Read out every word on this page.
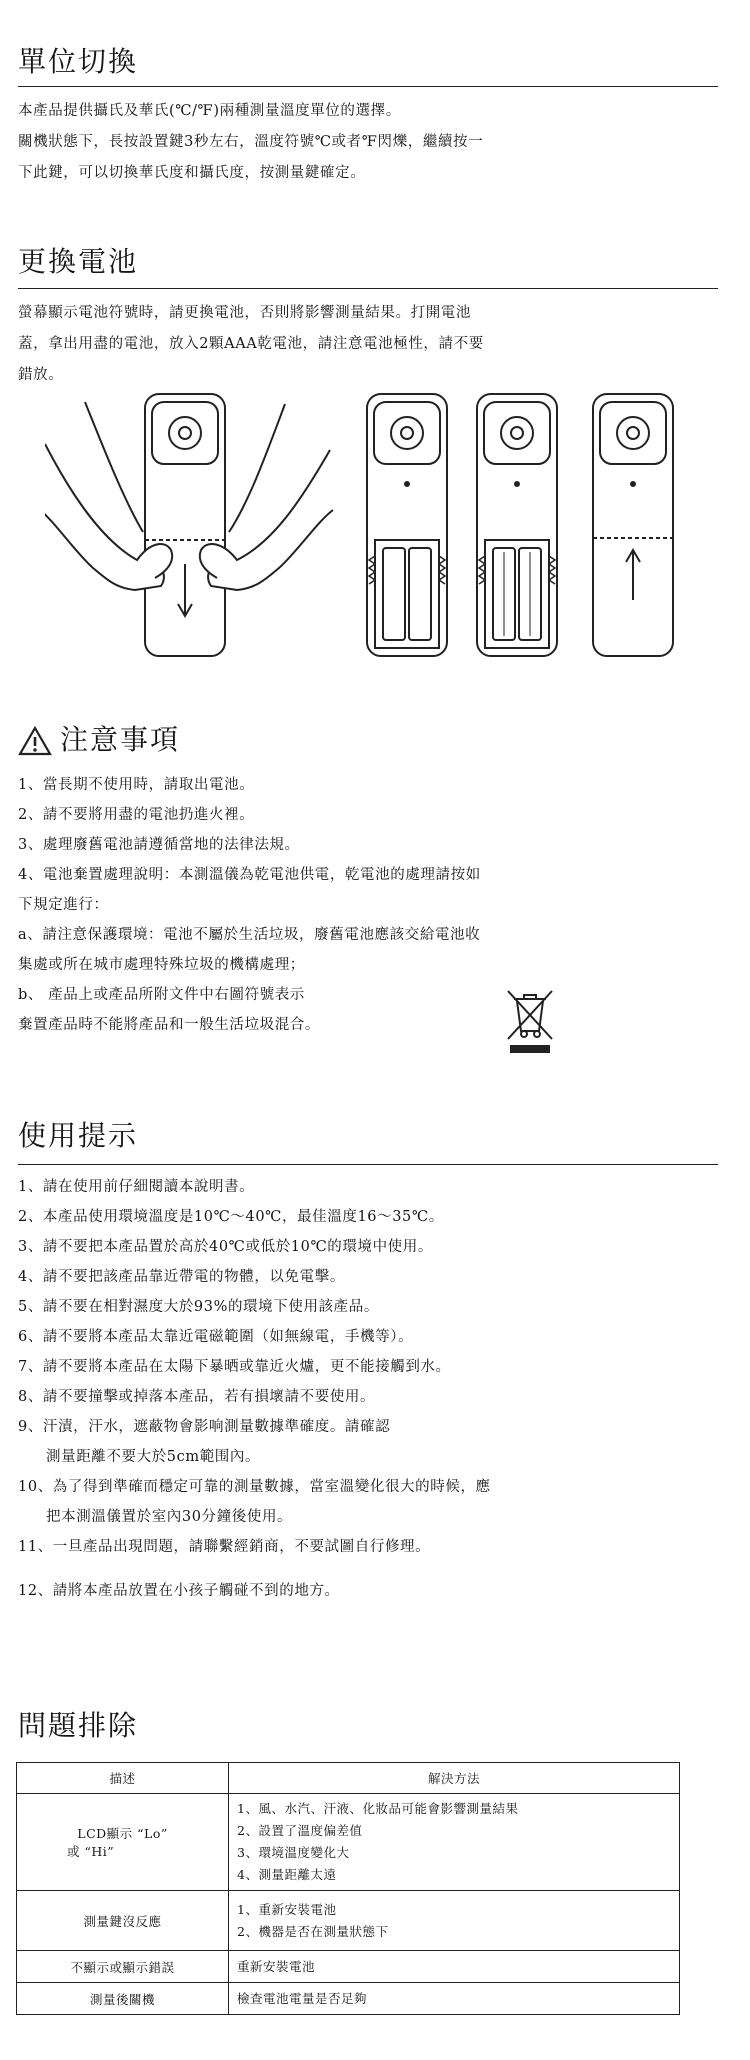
單位切換

本產品提供攝氏及華氏(℃/℉)兩種測量溫度單位的選擇。

關機狀態下，長按設置鍵3秒左右，溫度符號℃或者℉閃爍，繼續按一

下此鍵，可以切換華氏度和攝氏度，按測量鍵確定。

更換電池

螢幕顯示電池符號時，請更換電池，否則將影響測量結果。打開電池

蓋，拿出用盡的電池，放入2顆AAA乾電池，請注意電池極性，請不要

錯放。

注意事項

1、當長期不使用時，請取出電池。

2、請不要將用盡的電池扔進火裡。

3、處理廢舊電池請遵循當地的法律法規。

4、電池棄置處理說明：本測溫儀為乾電池供電，乾電池的處理請按如

下規定進行：

a、請注意保護環境：電池不屬於生活垃圾，廢舊電池應該交給電池收

集處或所在城市處理特殊垃圾的機構處理；

b、 產品上或產品所附文件中右圖符號表示

棄置產品時不能將產品和一般生活垃圾混合。

使用提示

1、請在使用前仔細閱讀本說明書。

2、本產品使用環境溫度是10℃～40℃，最佳溫度16～35℃。

3、請不要把本產品置於高於40℃或低於10℃的環境中使用。

4、請不要把該產品靠近帶電的物體，以免電擊。

5、請不要在相對濕度大於93%的環境下使用該產品。

6、請不要將本產品太靠近電磁範圍（如無線電，手機等）。

7、請不要將本產品在太陽下暴晒或靠近火爐，更不能接觸到水。

8、請不要撞擊或掉落本產品，若有損壞請不要使用。

9、汗漬，汗水，遮蔽物會影响測量數據準確度。請確認

測量距離不要大於5cm範围內。

10、為了得到準確而穩定可靠的測量數據，當室溫變化很大的時候，應

把本測溫儀置於室內30分鐘後使用。

11、一旦產品出現問題，請聯繫經銷商，不要試圖自行修理。

12、請將本產品放置在小孩子觸碰不到的地方。

問題排除
描述	解決方法

LCD顯示 “Lo”
或 “Hi”	1、風、水汽、汗液、化妝品可能會影響測量結果
2、設置了溫度偏差值
3、環境溫度變化大
4、測量距離太遠

測量鍵沒反應	1、重新安裝電池
2、機器是否在測量狀態下

不顯示或顯示錯誤	重新安裝電池
測量後關機	檢查電池電量是否足夠
